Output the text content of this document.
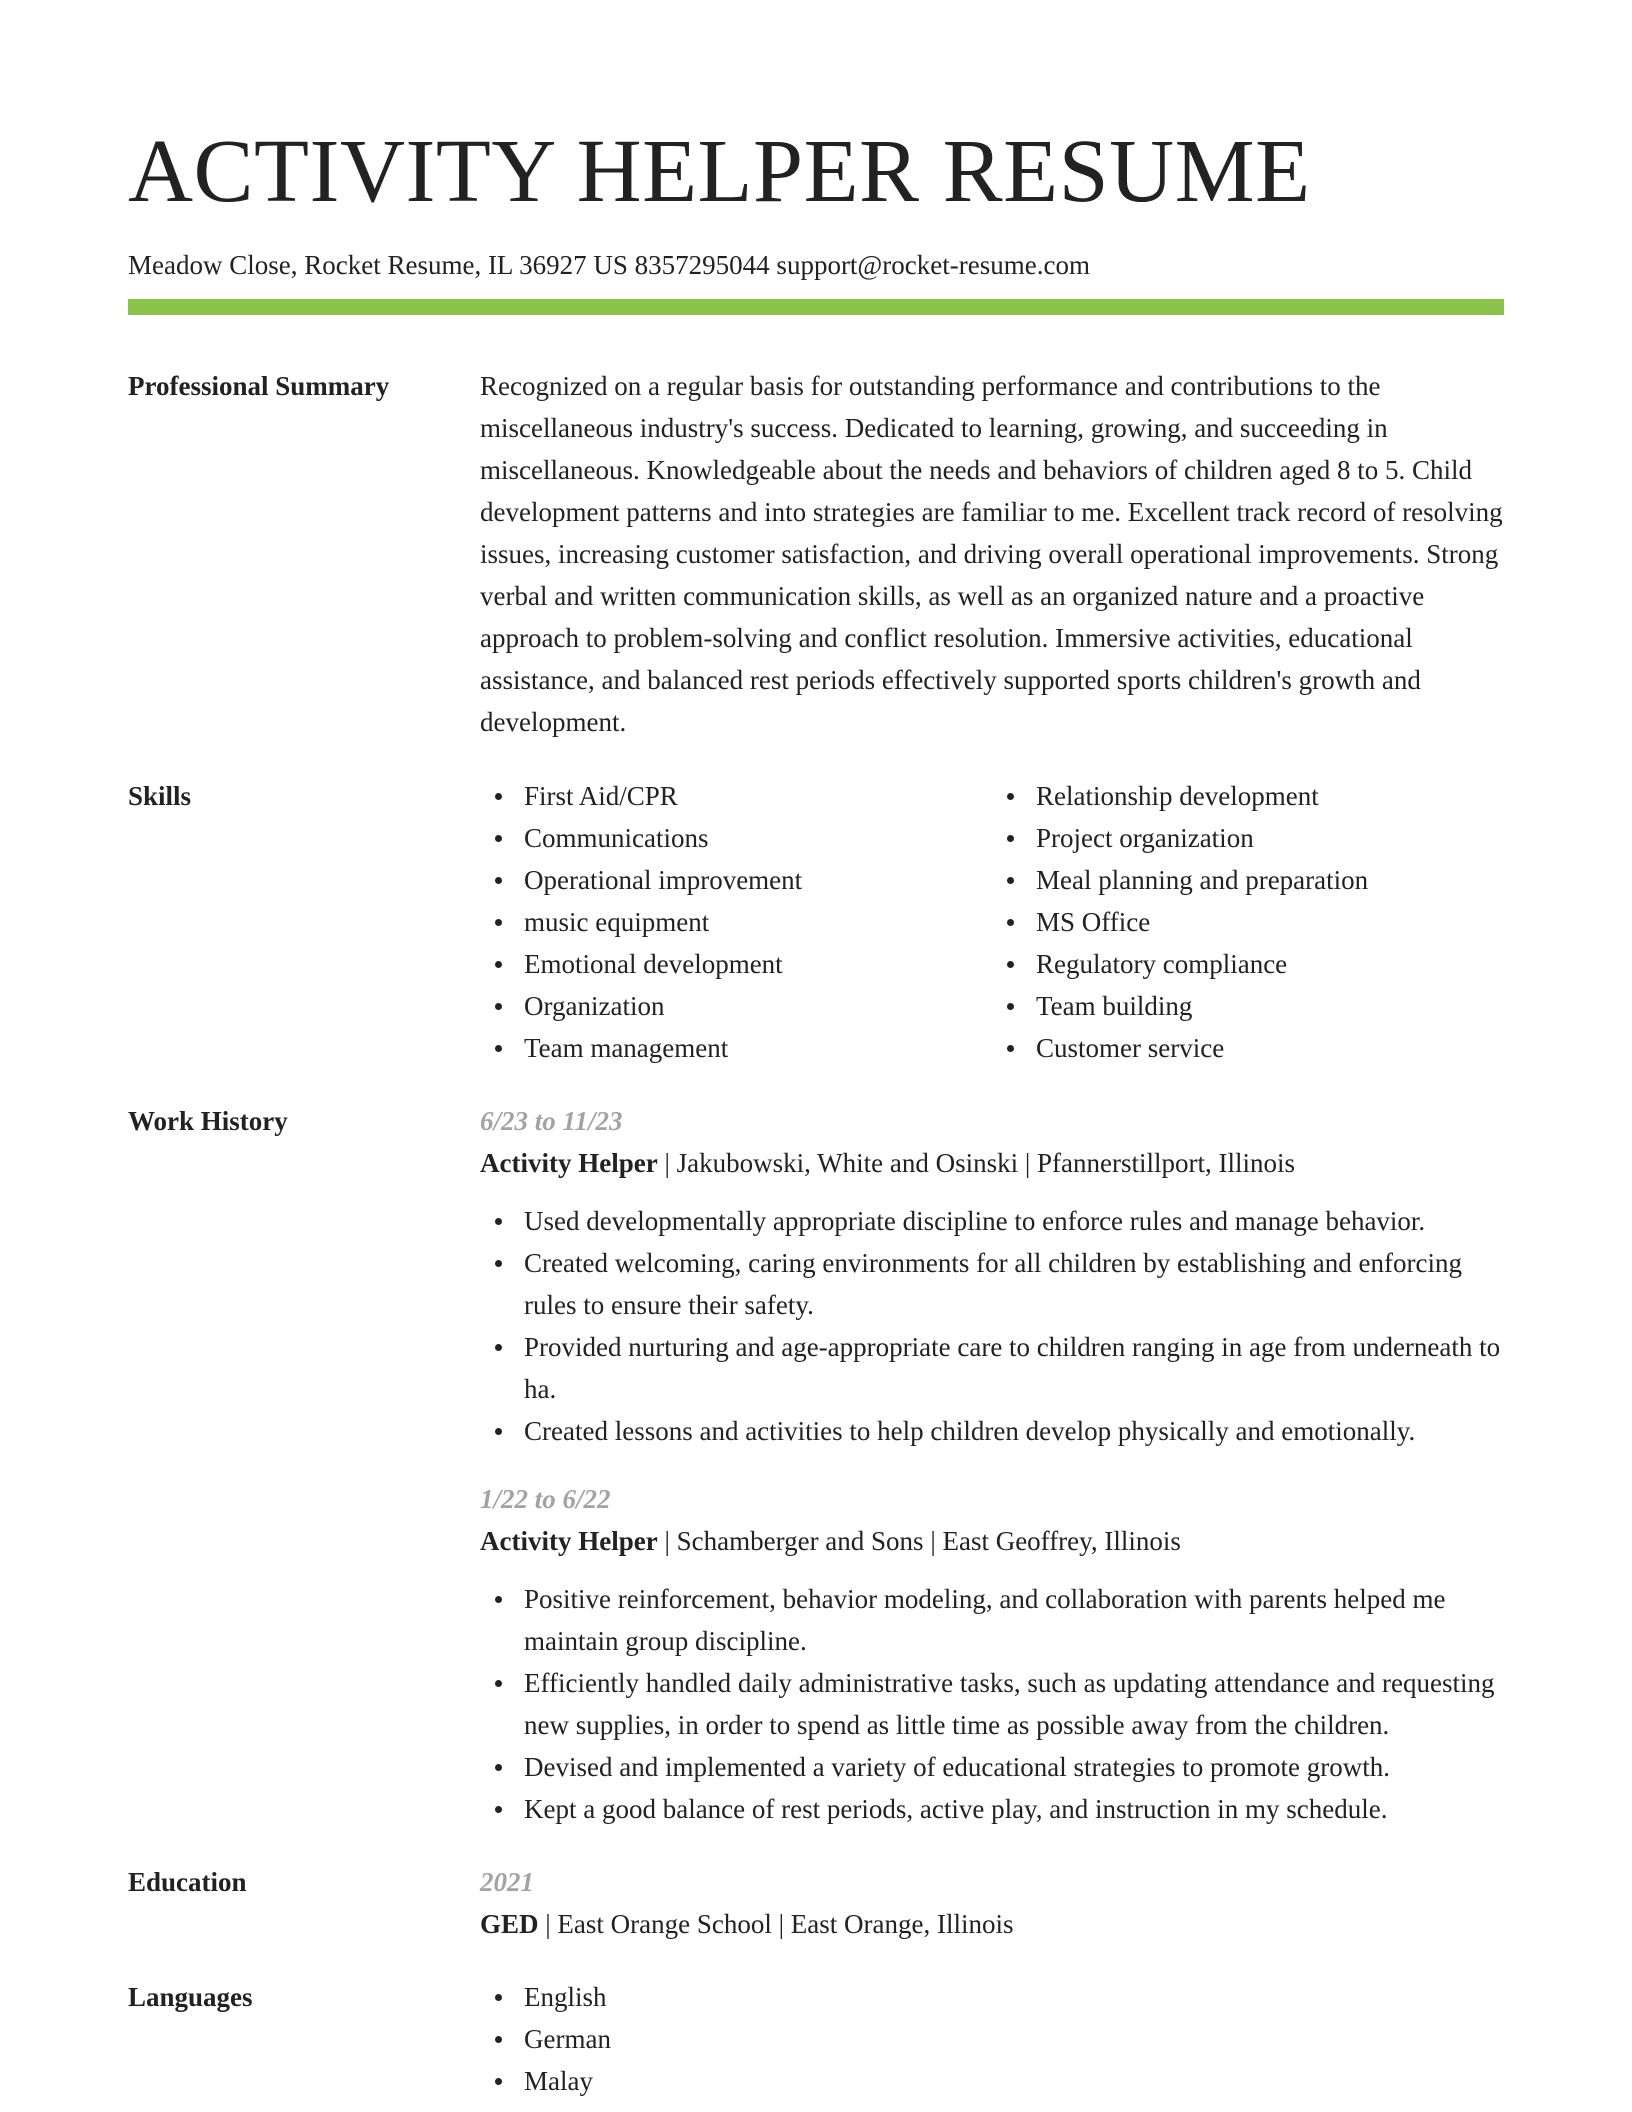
ACTIVITY HELPER RESUME
Meadow Close, Rocket Resume, IL 36927 US 8357295044 support@rocket-resume.com
Professional Summary	Recognized on a regular basis for outstanding performance and contributions to the miscellaneous industry's success. Dedicated to learning, growing, and succeeding in miscellaneous. Knowledgeable about the needs and behaviors of children aged 8 to 5. Child development patterns and into strategies are familiar to me. Excellent track record of resolving issues, increasing customer satisfaction, and driving overall operational improvements. Strong verbal and written communication skills, as well as an organized nature and a proactive approach to problem-solving and conflict resolution. Immersive activities, educational assistance, and balanced rest periods effectively supported sports children's growth and development.

Skills	First Aid/CPR
Communications
Operational improvement
music equipment
Emotional development
Organization
Team management
Relationship development
Project organization
Meal planning and preparation
MS Office
Regulatory compliance
Team building
Customer service
Work History	6/23 to 11/23
Activity Helper | Jakubowski, White and Osinski | Pfannerstillport, Illinois
Used developmentally appropriate discipline to enforce rules and manage behavior.
Created welcoming, caring environments for all children by establishing and enforcing rules to ensure their safety.
Provided nurturing and age-appropriate care to children ranging in age from underneath to ha.
Created lessons and activities to help children develop physically and emotionally.
1/22 to 6/22
Activity Helper | Schamberger and Sons | East Geoffrey, Illinois
Positive reinforcement, behavior modeling, and collaboration with parents helped me maintain group discipline.
Efficiently handled daily administrative tasks, such as updating attendance and requesting new supplies, in order to spend as little time as possible away from the children.
Devised and implemented a variety of educational strategies to promote growth.
Kept a good balance of rest periods, active play, and instruction in my schedule.
Education	2021
GED | East Orange School | East Orange, Illinois
Languages	English
German
Malay
